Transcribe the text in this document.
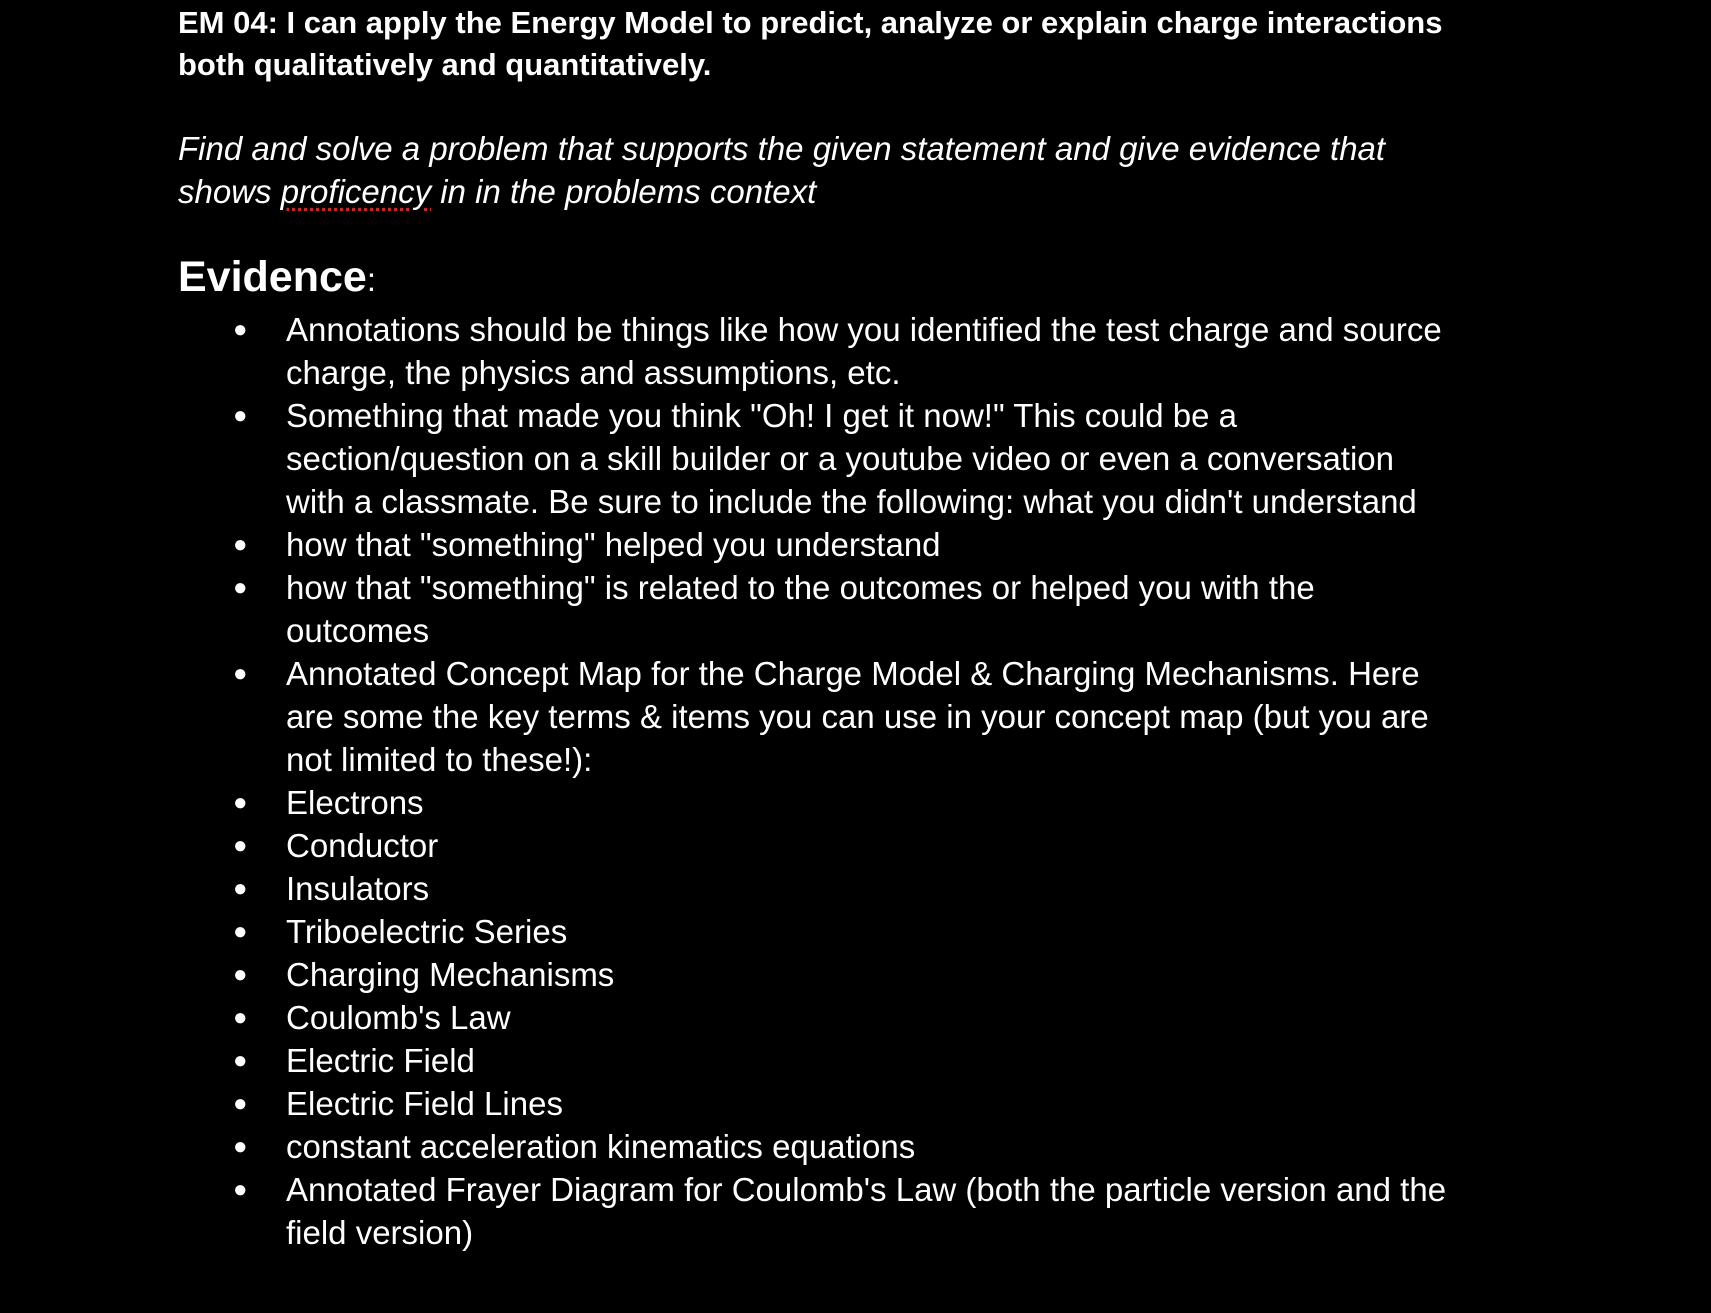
EM 04: I can apply the Energy Model to predict, analyze or explain charge interactions both qualitatively and quantitatively.

Find and solve a problem that supports the given statement and give evidence that shows proficency in in the problems context

Evidence:
● Annotations should be things like how you identified the test charge and source charge, the physics and assumptions, etc.
● Something that made you think "Oh! I get it now!" This could be a section/question on a skill builder or a youtube video or even a conversation with a classmate. Be sure to include the following: what you didn't understand
● how that "something" helped you understand
● how that "something" is related to the outcomes or helped you with the outcomes
● Annotated Concept Map for the Charge Model & Charging Mechanisms. Here are some the key terms & items you can use in your concept map (but you are not limited to these!):
● Electrons
● Conductor
● Insulators
● Triboelectric Series
● Charging Mechanisms
● Coulomb's Law
● Electric Field
● Electric Field Lines
● constant acceleration kinematics equations
● Annotated Frayer Diagram for Coulomb's Law (both the particle version and the field version)
